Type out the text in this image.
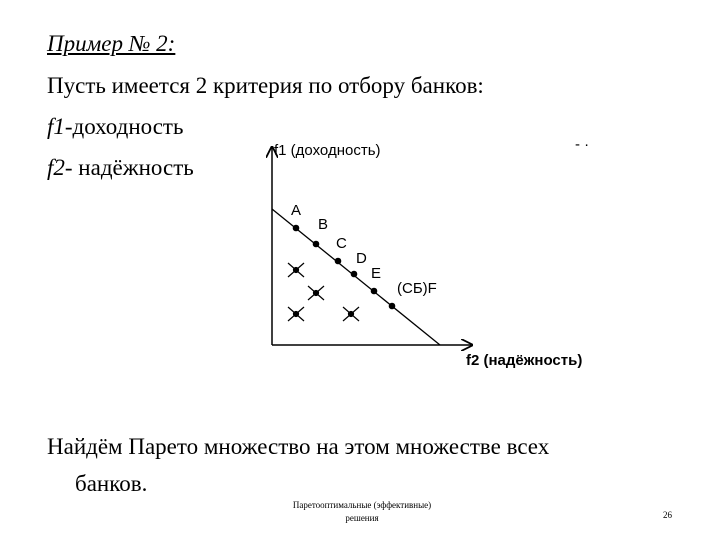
Пример № 2:
Пусть имеется 2 критерия по отбору банков:
f1-доходность
f2- надёжность
f1 (доходность)
f2 (надёжность)
- ·
A
B
C
D
E
(СБ)F
Найдём Парето множество на этом множестве всех
банков.
Паретооптимальные (эффективные)
решения	26
